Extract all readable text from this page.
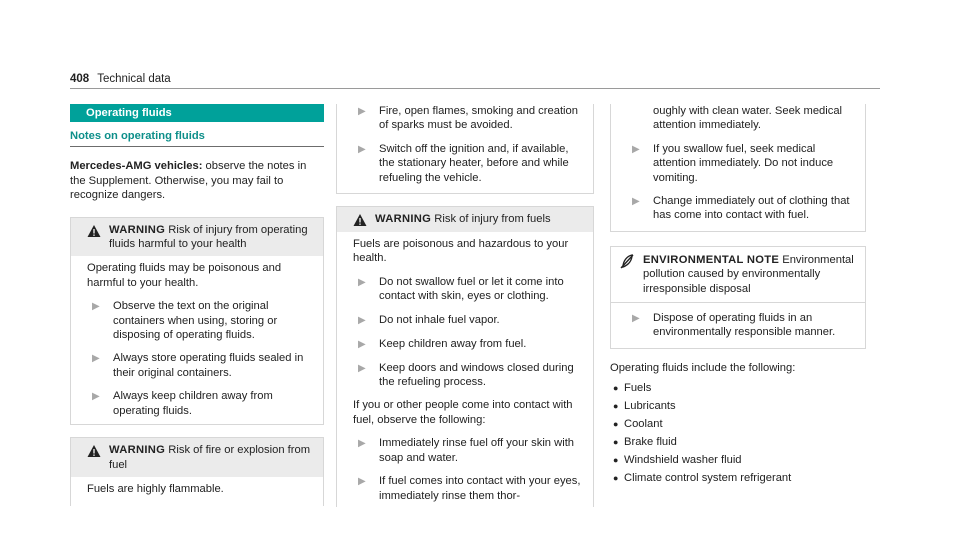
408 Technical data
Operating fluids
Notes on operating fluids

Mercedes-AMG vehicles: observe the notes in the Supplement. Otherwise, you may fail to recognize dangers.

WARNING Risk of injury from operating fluids harmful to your health

Operating fluids may be poisonous and harmful to your health.

▶	Observe the text on the original containers when using, storing or disposing of operating fluids.
▶	Always store operating fluids sealed in their original containers.
▶	Always keep children away from operating fluids.
WARNING Risk of fire or explosion from fuel

Fuels are highly flammable.

▶	Fire, open flames, smoking and creation of sparks must be avoided.
▶	Switch off the ignition and, if available, the stationary heater, before and while refueling the vehicle.
WARNING Risk of injury from fuels

Fuels are poisonous and hazardous to your health.

▶	Do not swallow fuel or let it come into contact with skin, eyes or clothing.
▶	Do not inhale fuel vapor.
▶	Keep children away from fuel.
▶	Keep doors and windows closed during the refueling process.

If you or other people come into contact with fuel, observe the following:

▶	Immediately rinse fuel off your skin with soap and water.
▶	If fuel comes into contact with your eyes, immediately rinse them thor-

oughly with clean water. Seek medical attention immediately.

▶	If you swallow fuel, seek medical attention immediately. Do not induce vomiting.
▶	Change immediately out of clothing that has come into contact with fuel.
ENVIRONMENTAL NOTE Environmental pollution caused by environmentally irresponsible disposal
▶	Dispose of operating fluids in an environmentally responsible manner.

Operating fluids include the following:

● Fuels
● Lubricants
● Coolant
● Brake fluid
● Windshield washer fluid
● Climate control system refrigerant
